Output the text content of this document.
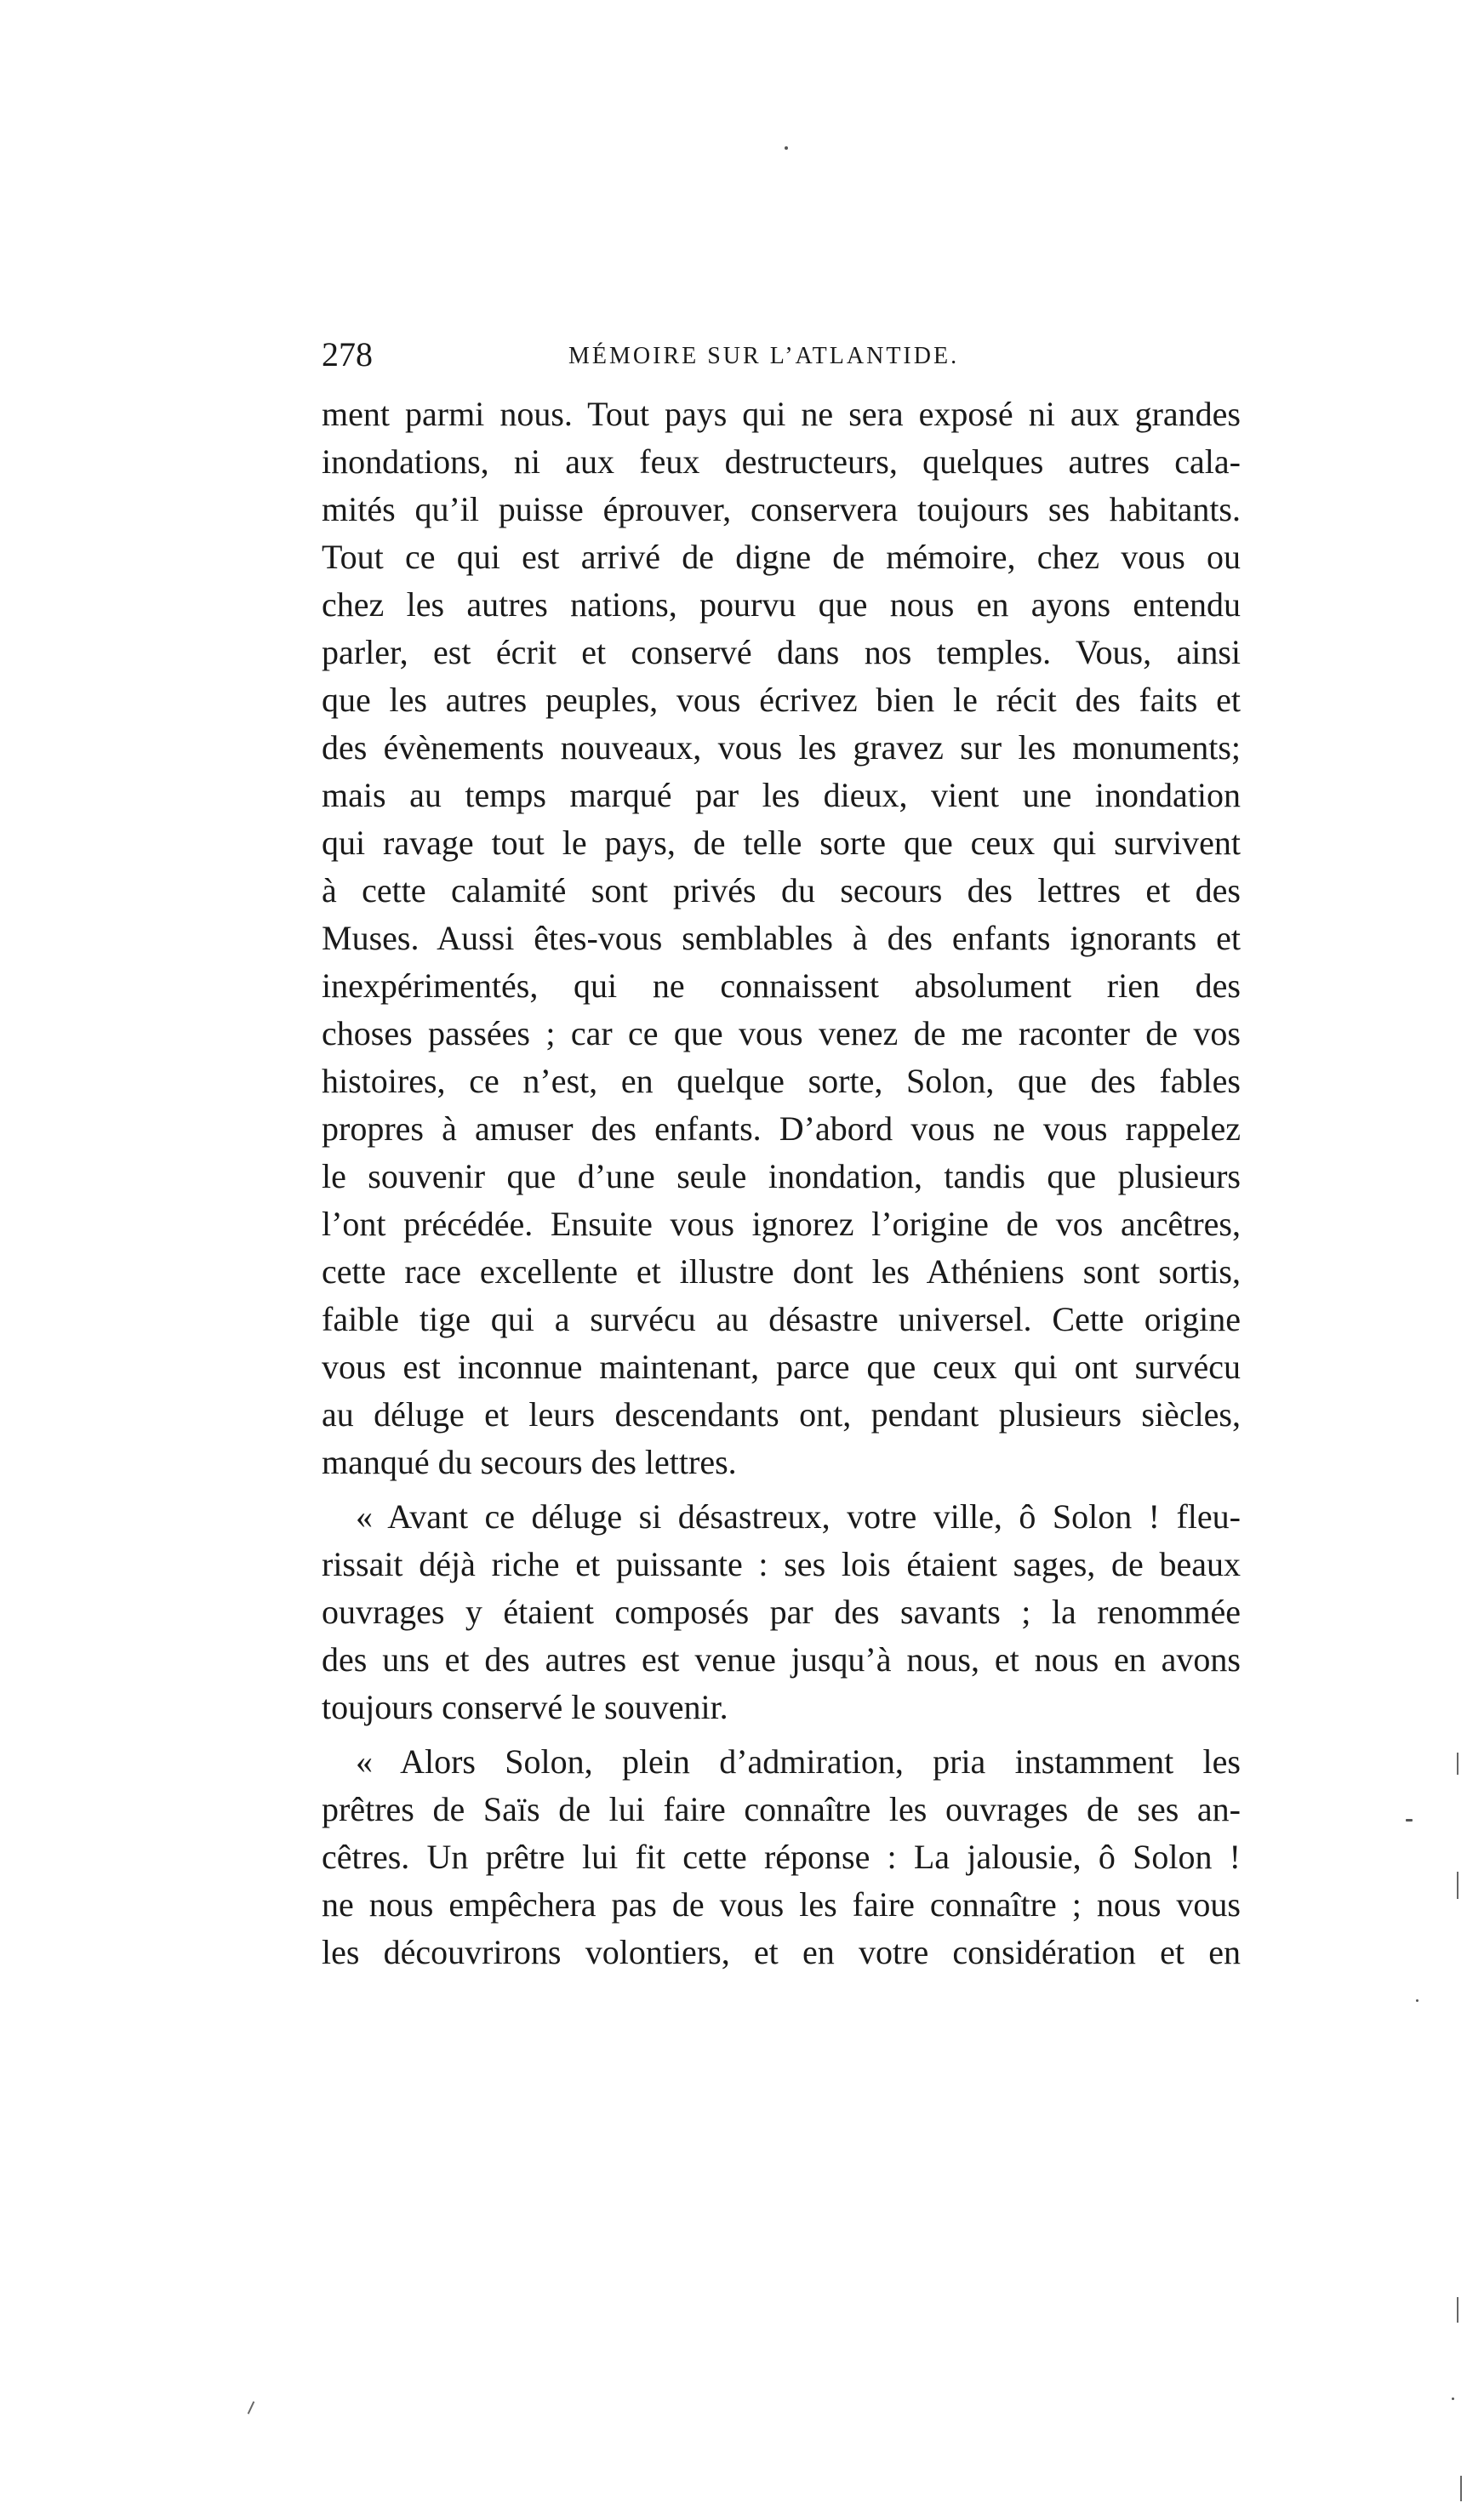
278	MÉMOIRE SUR L’ATLANTIDE.
ment parmi nous. Tout pays qui ne sera exposé ni aux grandes
inondations, ni aux feux destructeurs, quelques autres cala-
mités qu’il puisse éprouver, conservera toujours ses habitants.
Tout ce qui est arrivé de digne de mémoire, chez vous ou
chez les autres nations, pourvu que nous en ayons entendu
parler, est écrit et conservé dans nos temples. Vous, ainsi
que les autres peuples, vous écrivez bien le récit des faits et
des évènements nouveaux, vous les gravez sur les monuments;
mais au temps marqué par les dieux, vient une inondation
qui ravage tout le pays, de telle sorte que ceux qui survivent
à cette calamité sont privés du secours des lettres et des
Muses. Aussi êtes-vous semblables à des enfants ignorants et
inexpérimentés, qui ne connaissent absolument rien des
choses passées ; car ce que vous venez de me raconter de vos
histoires, ce n’est, en quelque sorte, Solon, que des fables
propres à amuser des enfants. D’abord vous ne vous rappelez
le souvenir que d’une seule inondation, tandis que plusieurs
l’ont précédée. Ensuite vous ignorez l’origine de vos ancêtres,
cette race excellente et illustre dont les Athéniens sont sortis,
faible tige qui a survécu au désastre universel. Cette origine
vous est inconnue maintenant, parce que ceux qui ont survécu
au déluge et leurs descendants ont, pendant plusieurs siècles,
manqué du secours des lettres.
« Avant ce déluge si désastreux, votre ville, ô Solon ! fleu-
rissait déjà riche et puissante : ses lois étaient sages, de beaux
ouvrages y étaient composés par des savants ; la renommée
des uns et des autres est venue jusqu’à nous, et nous en avons
toujours conservé le souvenir.
« Alors Solon, plein d’admiration, pria instamment les
prêtres de Saïs de lui faire connaître les ouvrages de ses an-
cêtres. Un prêtre lui fit cette réponse : La jalousie, ô Solon !
ne nous empêchera pas de vous les faire connaître ; nous vous
les découvrirons volontiers, et en votre considération et en
